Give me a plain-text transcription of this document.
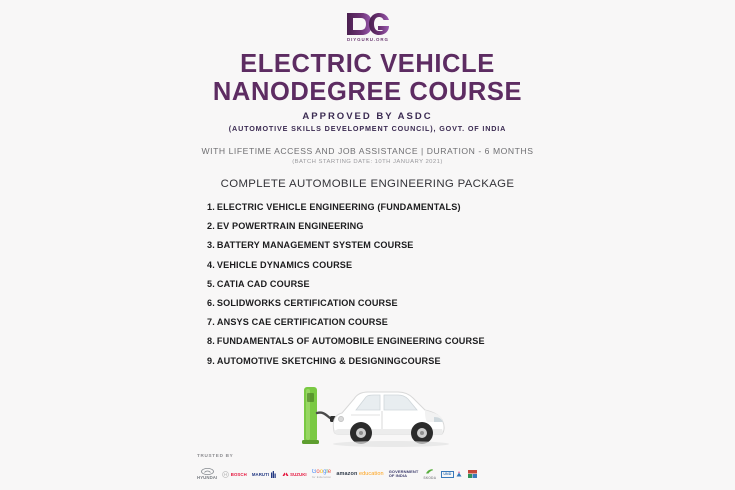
DIYGURU.ORG
ELECTRIC VEHICLE
NANODEGREE COURSE
APPROVED BY ASDC
(AUTOMOTIVE SKILLS DEVELOPMENT COUNCIL), GOVT. OF INDIA
WITH LIFETIME ACCESS AND JOB ASSISTANCE | DURATION - 6 MONTHS
(BATCH STARTING DATE: 10TH JANUARY 2021)
COMPLETE AUTOMOBILE ENGINEERING PACKAGE
1. ELECTRIC VEHICLE ENGINEERING (FUNDAMENTALS)
2. EV POWERTRAIN ENGINEERING
3. BATTERY MANAGEMENT SYSTEM COURSE
4. VEHICLE DYNAMICS COURSE
5. CATIA CAD COURSE
6. SOLIDWORKS CERTIFICATION COURSE
7. ANSYS CAE CERTIFICATION COURSE
8. FUNDAMENTALS OF AUTOMOBILE ENGINEERING COURSE
9. AUTOMOTIVE SKETCHING & DESIGNINGCOURSE
TRUSTED BY
HYUNDAI
BOSCH MARUTI	SUZUKI Google
for Education amazon education GOVERNMENT
OF INDIA	SKODA
UND
